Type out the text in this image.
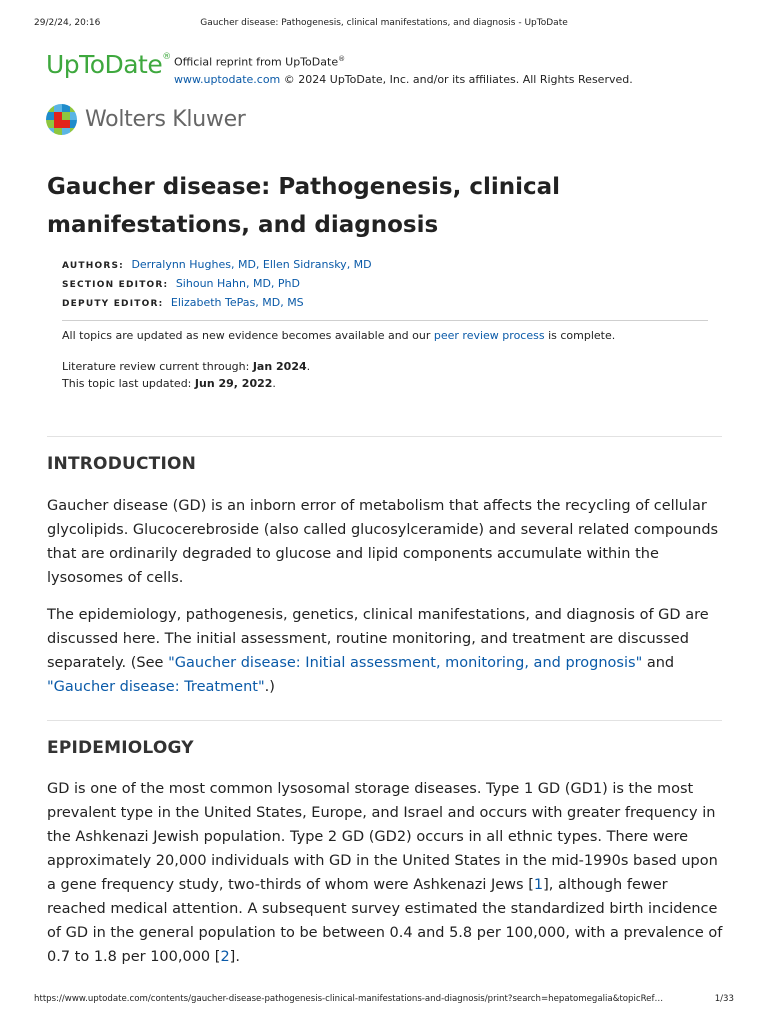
29/2/24, 20:16	Gaucher disease: Pathogenesis, clinical manifestations, and diagnosis - UpToDate
UpToDate® Official reprint from UpToDate®
www.uptodate.com © 2024 UpToDate, Inc. and/or its affiliates. All Rights Reserved.
Wolters Kluwer
Gaucher disease: Pathogenesis, clinical manifestations, and diagnosis
AUTHORS: Derralynn Hughes, MD, Ellen Sidransky, MD
SECTION EDITOR: Sihoun Hahn, MD, PhD
DEPUTY EDITOR: Elizabeth TePas, MD, MS
All topics are updated as new evidence becomes available and our peer review process is complete.
Literature review current through: Jan 2024.
This topic last updated: Jun 29, 2022.
INTRODUCTION

Gaucher disease (GD) is an inborn error of metabolism that affects the recycling of cellular glycolipids. Glucocerebroside (also called glucosylceramide) and several related compounds that are ordinarily degraded to glucose and lipid components accumulate within the lysosomes of cells.

The epidemiology, pathogenesis, genetics, clinical manifestations, and diagnosis of GD are discussed here. The initial assessment, routine monitoring, and treatment are discussed separately. (See "Gaucher disease: Initial assessment, monitoring, and prognosis" and "Gaucher disease: Treatment".)

EPIDEMIOLOGY

GD is one of the most common lysosomal storage diseases. Type 1 GD (GD1) is the most prevalent type in the United States, Europe, and Israel and occurs with greater frequency in the Ashkenazi Jewish population. Type 2 GD (GD2) occurs in all ethnic types. There were approximately 20,000 individuals with GD in the United States in the mid-1990s based upon a gene frequency study, two-thirds of whom were Ashkenazi Jews [1], although fewer reached medical attention. A subsequent survey estimated the standardized birth incidence of GD in the general population to be between 0.4 and 5.8 per 100,000, with a prevalence of 0.7 to 1.8 per 100,000 [2].

https://www.uptodate.com/contents/gaucher-disease-pathogenesis-clinical-manifestations-and-diagnosis/print?search=hepatomegalia&topicRef…	1/33
